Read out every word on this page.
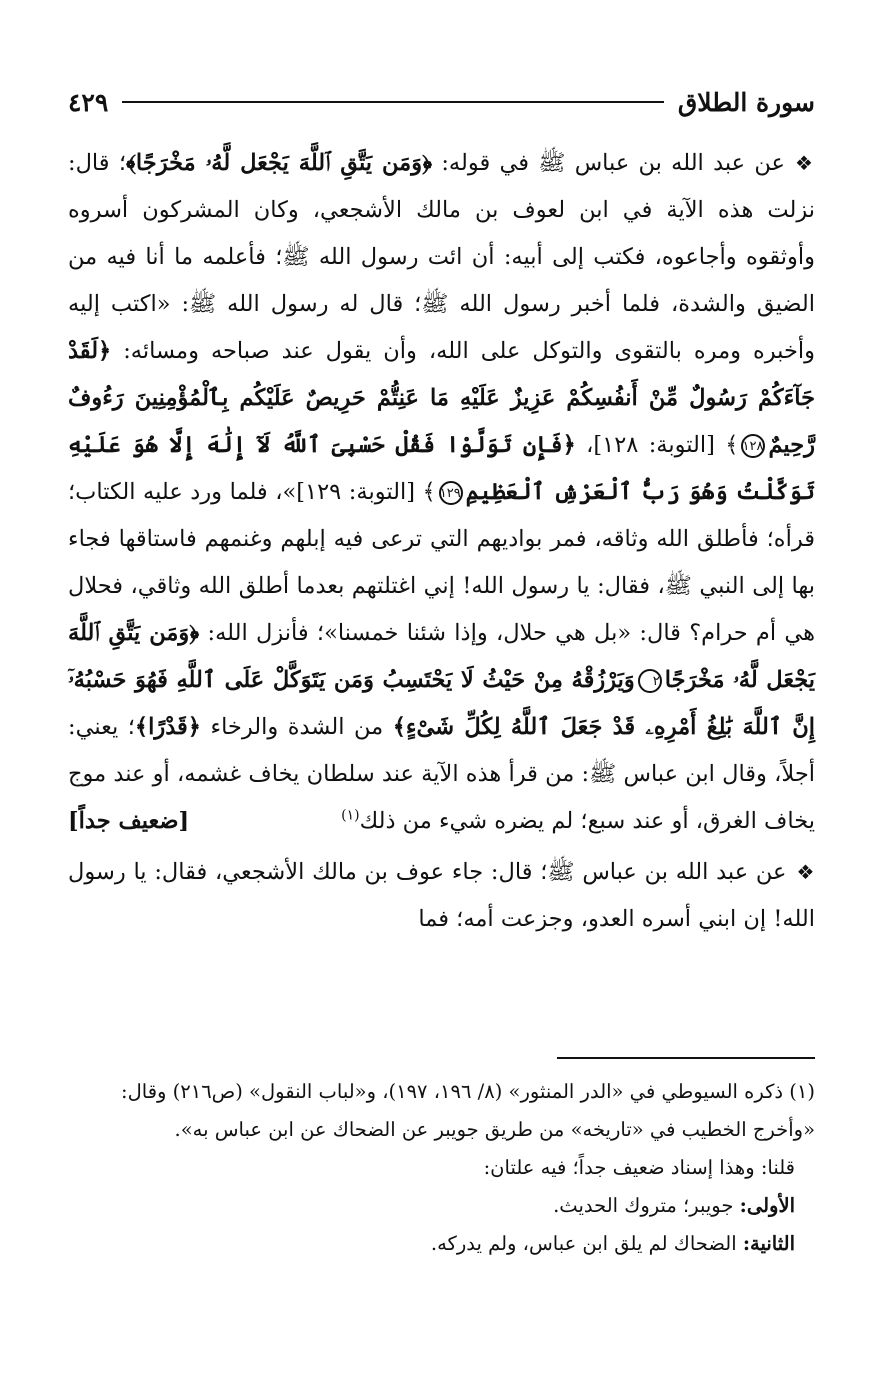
سورة الطلاق
٤٢٩

❖عن عبد الله بن عباس ﷺ في قوله: ﴿وَمَن يَتَّقِ ٱللَّهَ يَجْعَل لَّهُۥ مَخْرَجًا﴾؛ قال: نزلت هذه الآية في ابن لعوف بن مالك الأشجعي، وكان المشركون أسروه وأوثقوه وأجاعوه، فكتب إلى أبيه: أن ائت رسول الله ﷺ؛ فأعلمه ما أنا فيه من الضيق والشدة، فلما أخبر رسول الله ﷺ؛ قال له رسول الله ﷺ: «اكتب إليه وأخبره ومره بالتقوى والتوكل على الله، وأن يقول عند صباحه ومسائه: ﴿لَقَدْ جَآءَكُمْ رَسُولٌ مِّنْ أَنفُسِكُمْ عَزِيزٌ عَلَيْهِ مَا عَنِتُّمْ حَرِيصٌ عَلَيْكُم بِٱلْمُؤْمِنِينَ رَءُوفٌ رَّحِيمٌ١٢٨﴾ [التوبة: ١٢٨]، ﴿فَإِن تَوَلَّوْا فَقُلْ حَسْبِىَ ٱللَّهُ لَآ إِلَٰهَ إِلَّا هُوَ عَلَيْهِ تَوَكَّلْتُ وَهُوَ رَبُّ ٱلْعَرْشِ ٱلْعَظِيمِ١٢٩﴾ [التوبة: ١٢٩]»، فلما ورد عليه الكتاب؛ قرأه؛ فأطلق الله وثاقه، فمر بواديهم التي ترعى فيه إبلهم وغنمهم فاستاقها فجاء بها إلى النبي ﷺ، فقال: يا رسول الله! إني اغتلتهم بعدما أطلق الله وثاقي، فحلال هي أم حرام؟ قال: «بل هي حلال، وإذا شئنا خمسنا»؛ فأنزل الله: ﴿وَمَن يَتَّقِ ٱللَّهَ يَجْعَل لَّهُۥ مَخْرَجًا٢وَيَرْزُقْهُ مِنْ حَيْثُ لَا يَحْتَسِبُ وَمَن يَتَوَكَّلْ عَلَى ٱللَّهِ فَهُوَ حَسْبُهُۥٓ إِنَّ ٱللَّهَ بَٰلِغُ أَمْرِهِۦ قَدْ جَعَلَ ٱللَّهُ لِكُلِّ شَىْءٍ﴾ من الشدة والرخاء ﴿قَدْرًا﴾؛ يعني: أجلاً، وقال ابن عباس ﷺ: من قرأ هذه الآية عند سلطان يخاف غشمه، أو عند موج يخاف الغرق، أو عند سبع؛ لم يضره شيء من ذلك$^{(١)}$
[ضعيف جداً]

❖عن عبد الله بن عباس ﷺ؛ قال: جاء عوف بن مالك الأشجعي، فقال: يا رسول الله! إن ابني أسره العدو، وجزعت أمه؛ فما

(١) ذكره السيوطي في «الدر المنثور» (٨/ ١٩٦، ١٩٧)، و«لباب النقول» (ص٢١٦) وقال: «وأخرج الخطيب في «تاريخه» من طريق جويبر عن الضحاك عن ابن عباس به».

قلنا: وهذا إسناد ضعيف جداً؛ فيه علتان:

الأولى: جويبر؛ متروك الحديث.

الثانية: الضحاك لم يلق ابن عباس، ولم يدركه.
